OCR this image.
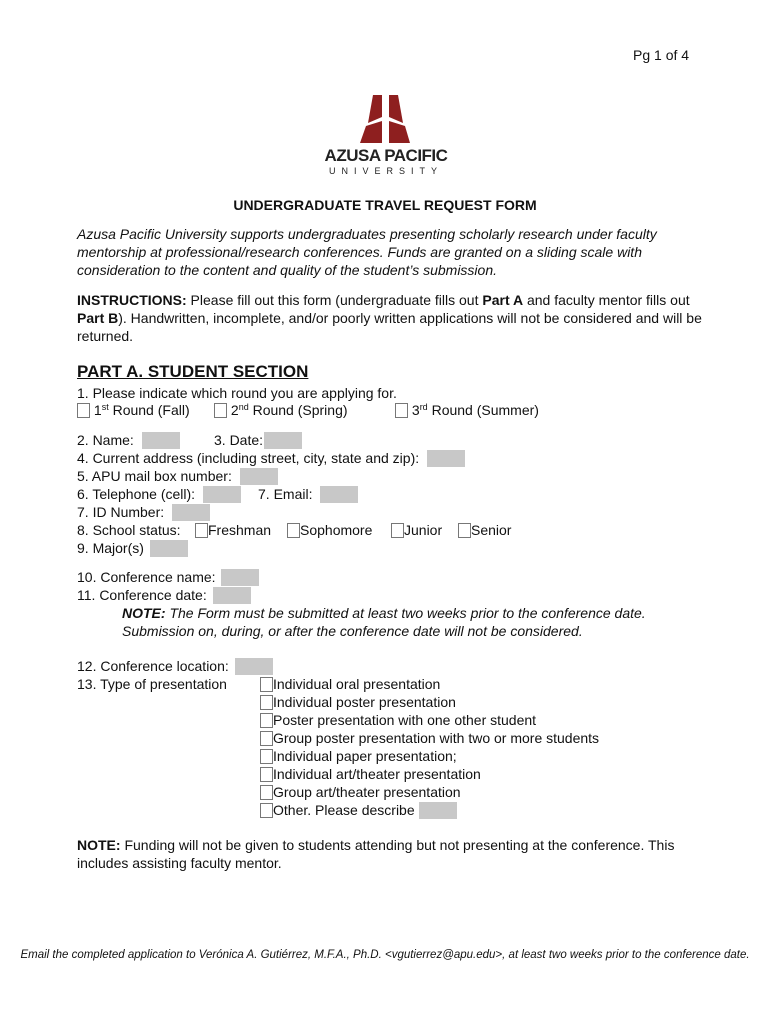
Pg 1 of 4
AZUSA PACIFIC
UNIVERSITY
UNDERGRADUATE TRAVEL REQUEST FORM
Azusa Pacific University supports undergraduates presenting scholarly research under faculty mentorship at professional/research conferences. Funds are granted on a sliding scale with consideration to the content and quality of the student’s submission.
INSTRUCTIONS: Please fill out this form (undergraduate fills out Part A and faculty mentor fills out Part B). Handwritten, incomplete, and/or poorly written applications will not be considered and will be returned.
PART A. STUDENT SECTION
1. Please indicate which round you are applying for.
1st Round (Fall)	2nd Round (Spring)	3rd Round (Summer)
2. Name:	3. Date:
4. Current address (including street, city, state and zip):
5. APU mail box number:
6. Telephone (cell):	7. Email:
7. ID Number:
8. School status:	Freshman	Sophomore	Junior	Senior
9. Major(s)
10. Conference name:
11. Conference date:
NOTE: The Form must be submitted at least two weeks prior to the conference date.
Submission on, during, or after the conference date will not be considered.
12. Conference location:
13. Type of presentation	Individual oral presentation
Individual poster presentation
Poster presentation with one other student
Group poster presentation with two or more students
Individual paper presentation;
Individual art/theater presentation
Group art/theater presentation
Other. Please describe
NOTE: Funding will not be given to students attending but not presenting at the conference. This includes assisting faculty mentor.
Email the completed application to Verónica A. Gutiérrez, M.F.A., Ph.D. <vgutierrez@apu.edu>, at least two weeks prior to the conference date.
